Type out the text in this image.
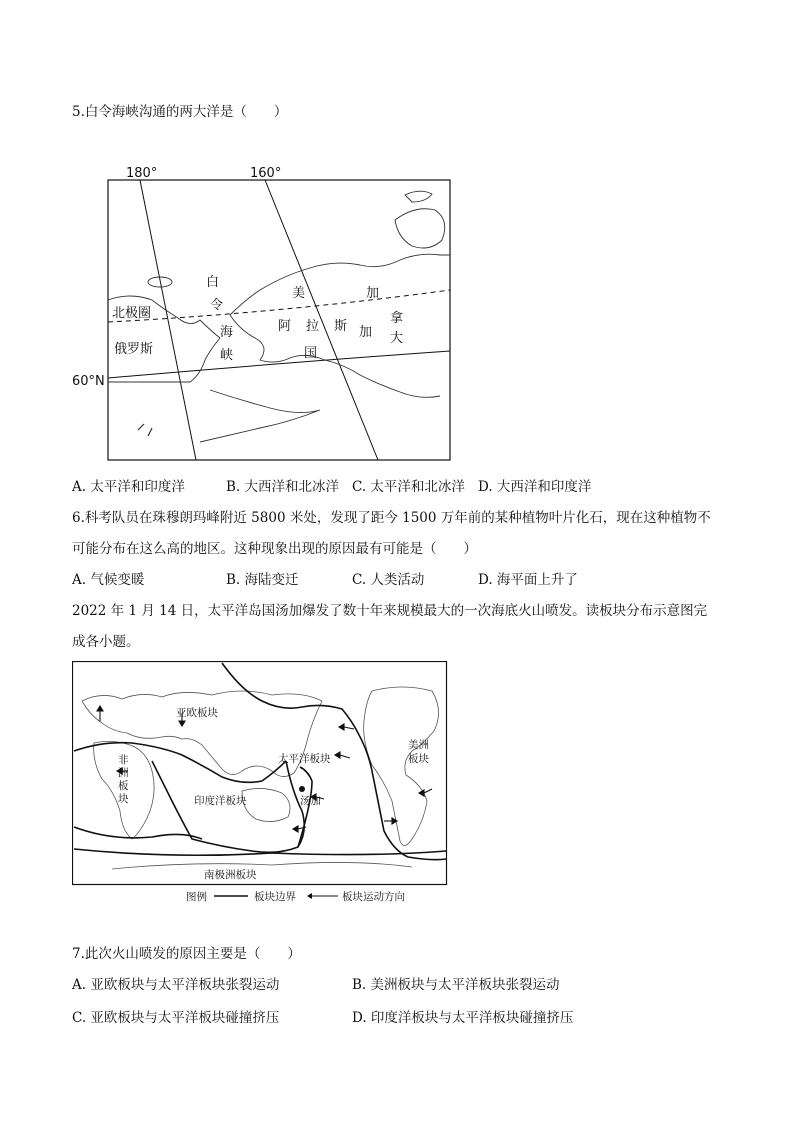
5.白令海峡沟通的两大洋是（　　）
180°	160°
白
令
海
峡
美
阿 拉 斯 加
国
加
拿
大
北极圈
俄罗斯
60°N
A. 太平洋和印度洋	B. 大西洋和北冰洋 C. 太平洋和北冰洋 D. 大西洋和印度洋
6.科考队员在珠穆朗玛峰附近 5800 米处，发现了距今 1500 万年前的某种植物叶片化石，现在这种植物不
可能分布在这么高的地区。这种现象出现的原因最有可能是（　　）
A. 气候变暖	B. 海陆变迁	C. 人类活动	D. 海平面上升了
2022 年 1 月 14 日，太平洋岛国汤加爆发了数十年来规模最大的一次海底火山喷发。读板块分布示意图完
成各小题。
亚欧板块
非
洲
板
块
太平洋板块
美洲
板块
印度洋板块	汤加
南极洲板块
图例	板块边界	板块运动方向
7.此次火山喷发的原因主要是（　　）
A. 亚欧板块与太平洋板块张裂运动	B. 美洲板块与太平洋板块张裂运动
C. 亚欧板块与太平洋板块碰撞挤压	D. 印度洋板块与太平洋板块碰撞挤压
